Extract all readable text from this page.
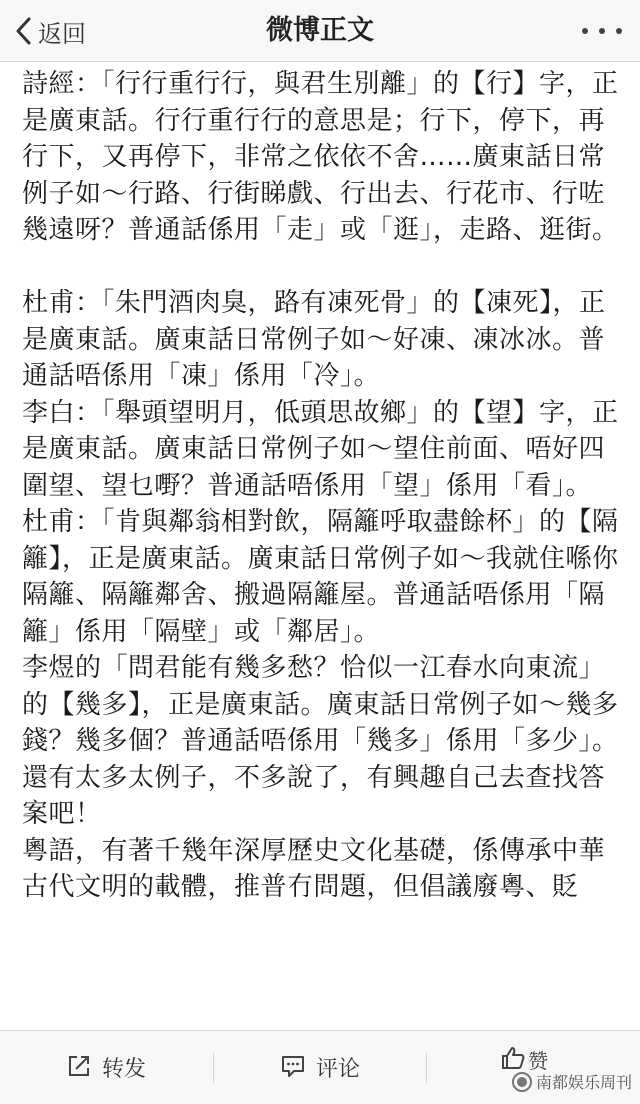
返回	微博正文

詩經：「行行重行行，與君生別離」的【行】字，正是廣東話。行行重行行的意思是；行下，停下，再行下，又再停下，非常之依依不舍……廣東話日常例子如～行路、行街睇戲、行出去、行花市、行咗幾遠呀？普通話係用「走」或「逛」，走路、逛街。

杜甫：「朱門酒肉臭，路有凍死骨」的【凍死】，正是廣東話。廣東話日常例子如～好凍、凍冰冰。普通話唔係用「凍」係用「冷」。

李白：「舉頭望明月，低頭思故鄉」的【望】字，正是廣東話。廣東話日常例子如～望住前面、唔好四圍望、望乜嘢？普通話唔係用「望」係用「看」。

杜甫：「肯與鄰翁相對飲，隔籬呼取盡餘杯」的【隔籬】，正是廣東話。廣東話日常例子如～我就住喺你隔籬、隔籬鄰舍、搬過隔籬屋。普通話唔係用「隔籬」係用「隔壁」或「鄰居」。

李煜的「問君能有幾多愁？恰似一江春水向東流」的【幾多】，正是廣東話。廣東話日常例子如～幾多錢？幾多個？普通話唔係用「幾多」係用「多少」。

還有太多太例子，不多說了，有興趣自己去查找答案吧！

粵語，有著千幾年深厚歷史文化基礎，係傳承中華古代文明的載體，推普冇問題，但倡議廢粵、貶

转发	评论	赞
南都娱乐周刊
